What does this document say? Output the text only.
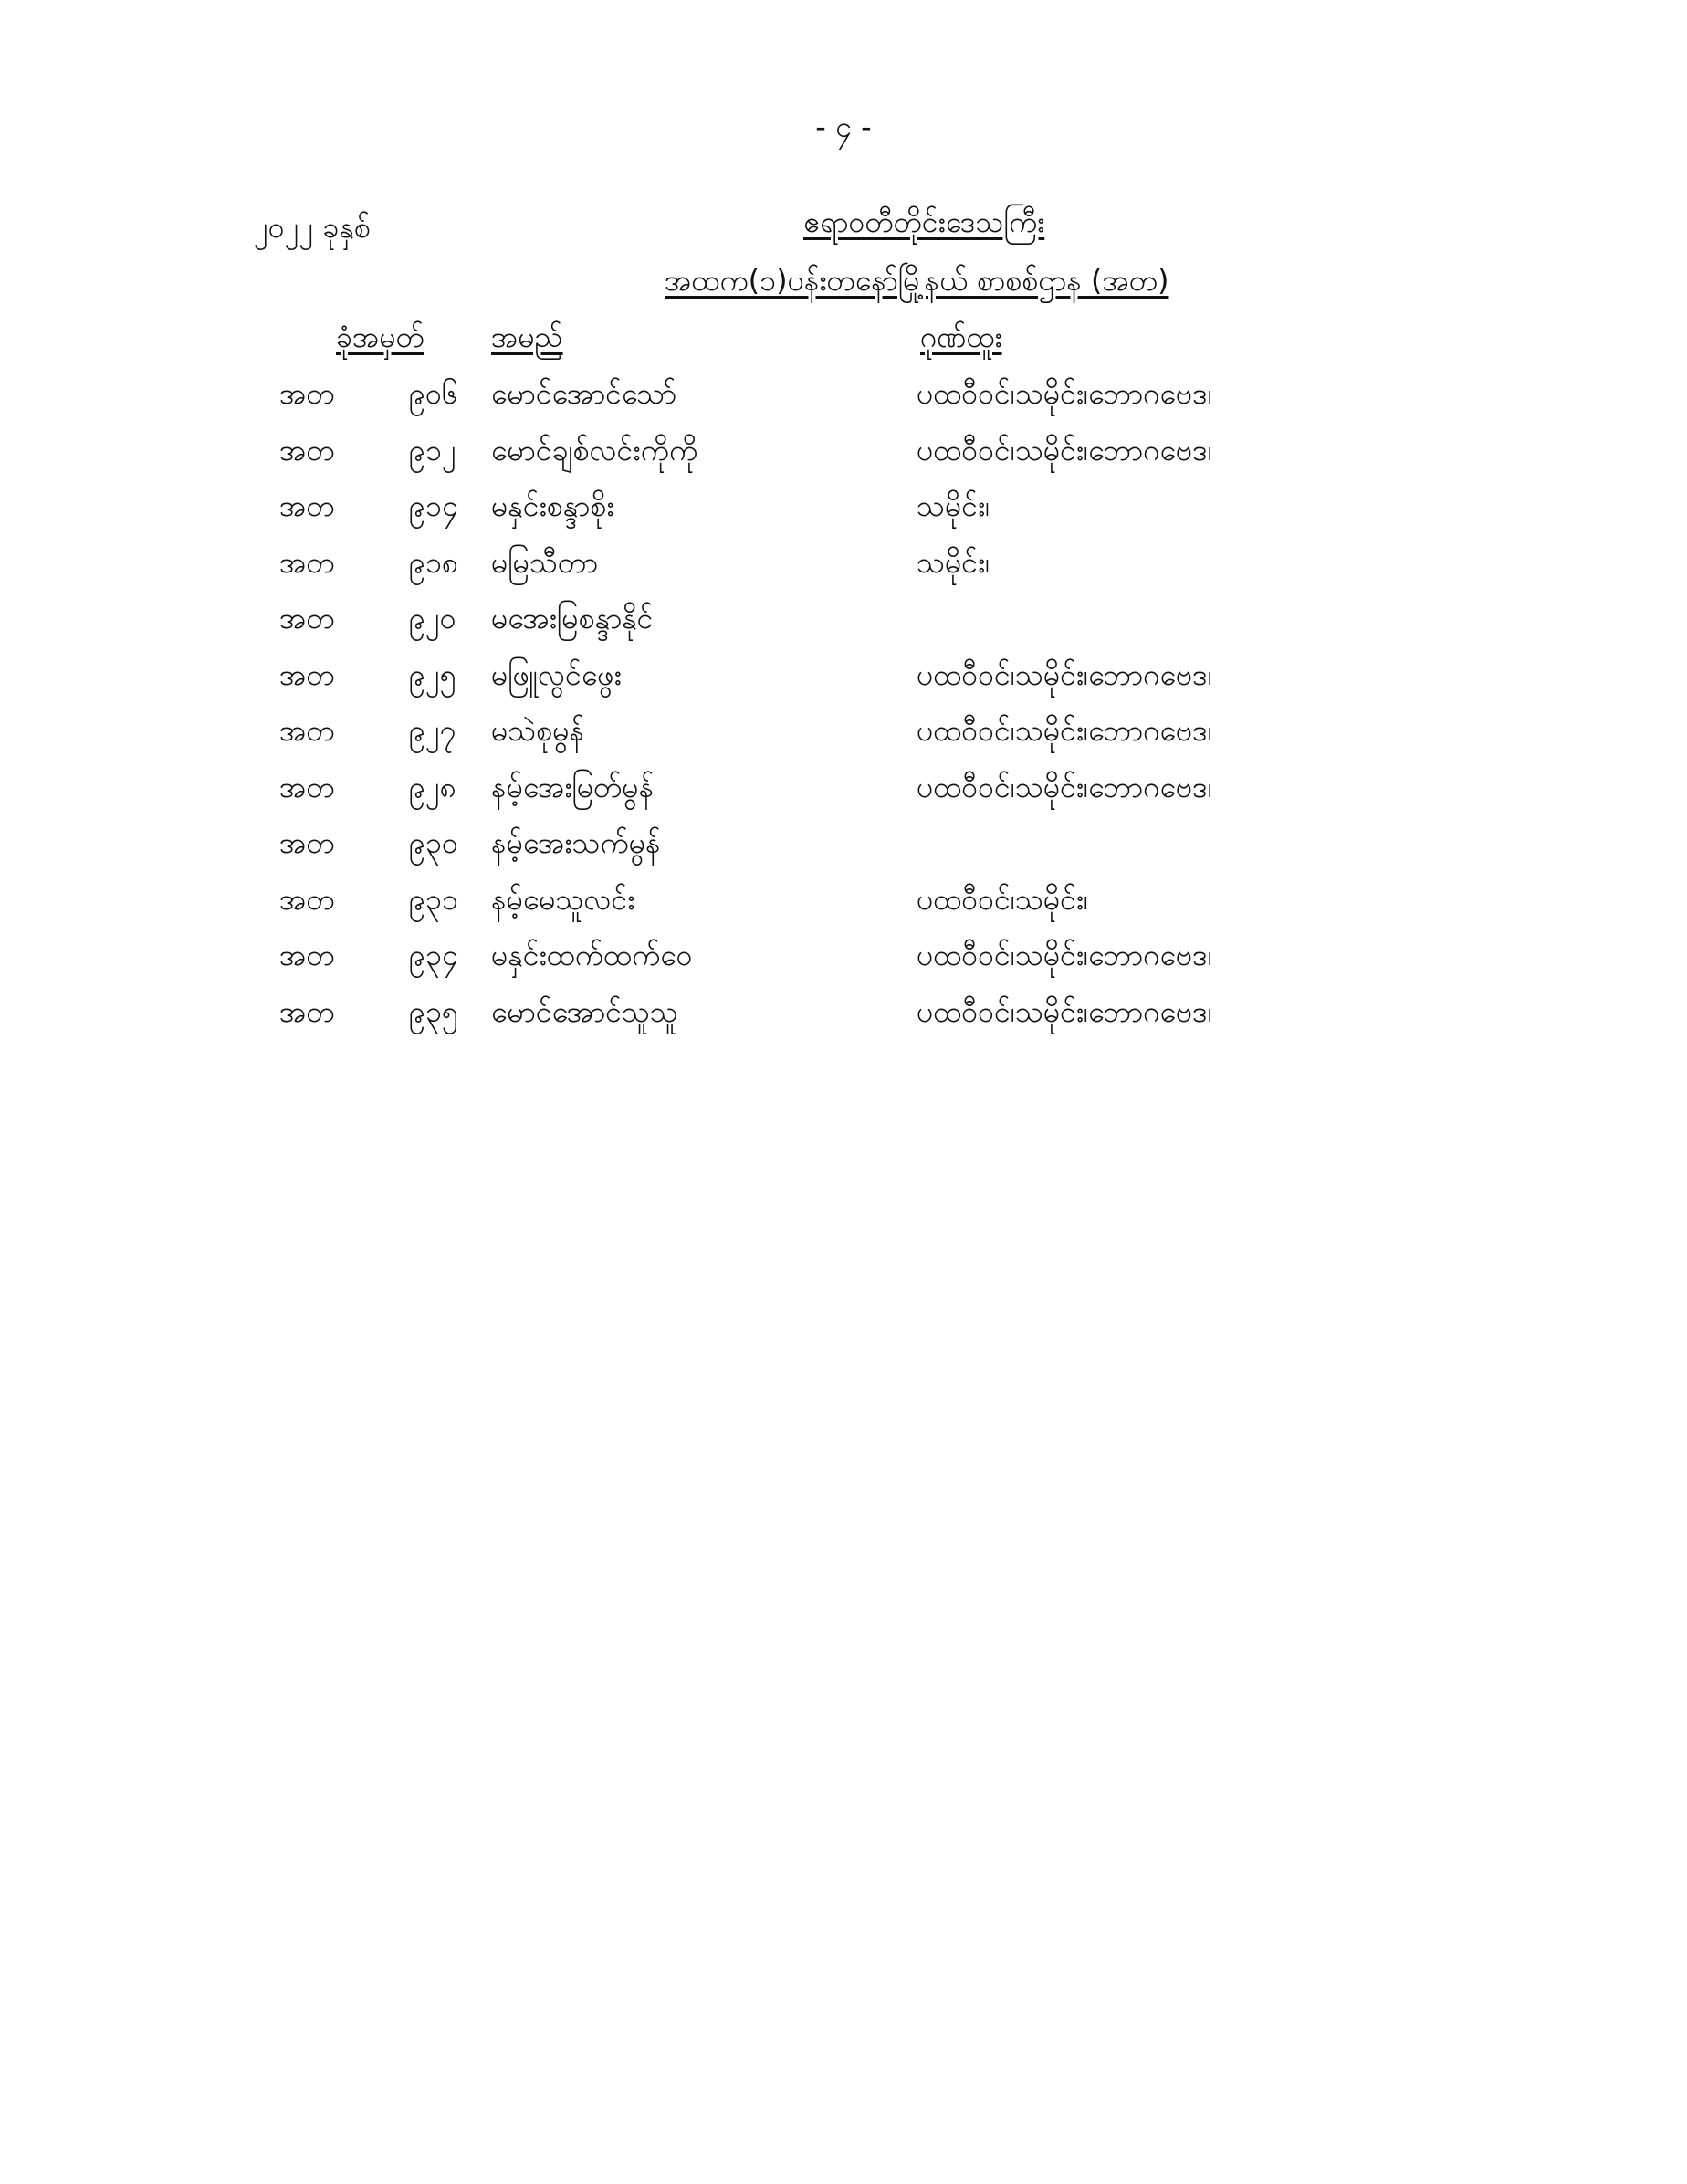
- ၄ -
၂၀၂၂ ခုနှစ်	ဧရာဝတီတိုင်းဒေသကြီး
အထက(၁)ပန်းတနော်မြို့နယ် စာစစ်ဌာန (အတ)
ခုံအမှတ် အမည်	ဂုဏ်ထူး
အတ	၉၀၆ မောင်အောင်သော်	ပထဝီဝင်၊သမိုင်း၊ဘောဂဗေဒ၊
အတ	၉၁၂ မောင်ချစ်လင်းကိုကို	ပထဝီဝင်၊သမိုင်း၊ဘောဂဗေဒ၊
အတ	၉၁၄ မနှင်းစန္ဒာစိုး	သမိုင်း၊
အတ	၉၁၈ မမြသီတာ	သမိုင်း၊
အတ	၉၂၀ မအေးမြစန္ဒာနိုင်
အတ	၉၂၅ မဖြူလွင်ဖွေး	ပထဝီဝင်၊သမိုင်း၊ဘောဂဗေဒ၊
အတ	၉၂၇ မသဲစုမွန်	ပထဝီဝင်၊သမိုင်း၊ဘောဂဗေဒ၊
အတ	၉၂၈ နမ့်အေးမြတ်မွန်	ပထဝီဝင်၊သမိုင်း၊ဘောဂဗေဒ၊
အတ	၉၃၀ နမ့်အေးသက်မွန်
အတ	၉၃၁ နမ့်မေသူလင်း	ပထဝီဝင်၊သမိုင်း၊
အတ	၉၃၄ မနှင်းထက်ထက်ဝေ	ပထဝီဝင်၊သမိုင်း၊ဘောဂဗေဒ၊
အတ	၉၃၅ မောင်အောင်သူသူ	ပထဝီဝင်၊သမိုင်း၊ဘောဂဗေဒ၊
